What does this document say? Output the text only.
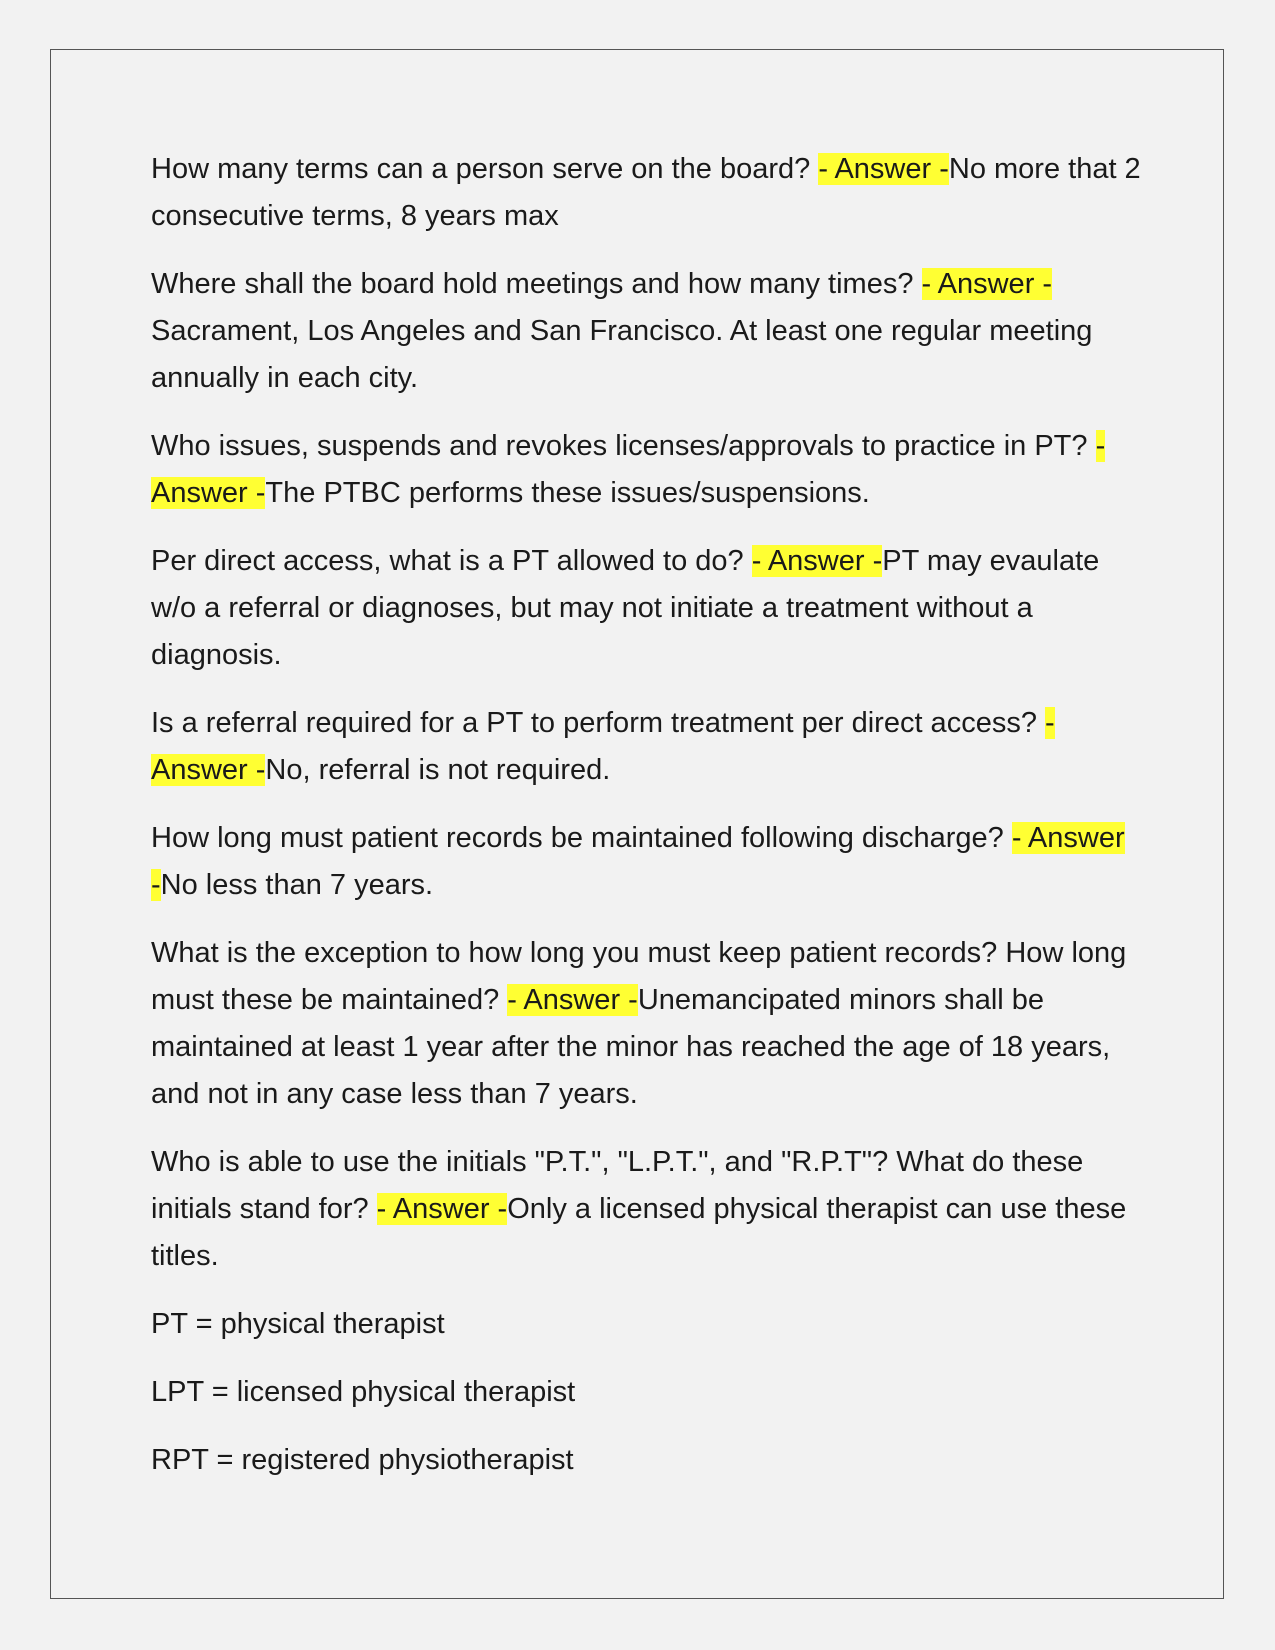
How many terms can a person serve on the board? - Answer -No more that 2 consecutive terms, 8 years max

Where shall the board hold meetings and how many times? - Answer -Sacrament, Los Angeles and San Francisco. At least one regular meeting annually in each city.

Who issues, suspends and revokes licenses/approvals to practice in PT? - Answer -The PTBC performs these issues/suspensions.

Per direct access, what is a PT allowed to do? - Answer -PT may evaulate w/o a referral or diagnoses, but may not initiate a treatment without a diagnosis.

Is a referral required for a PT to perform treatment per direct access? - Answer -No, referral is not required.

How long must patient records be maintained following discharge? - Answer -No less than 7 years.

What is the exception to how long you must keep patient records? How long must these be maintained? - Answer -Unemancipated minors shall be maintained at least 1 year after the minor has reached the age of 18 years, and not in any case less than 7 years.

Who is able to use the initials "P.T.", "L.P.T.", and "R.P.T"? What do these initials stand for? - Answer -Only a licensed physical therapist can use these titles.

PT = physical therapist

LPT = licensed physical therapist

RPT = registered physiotherapist
